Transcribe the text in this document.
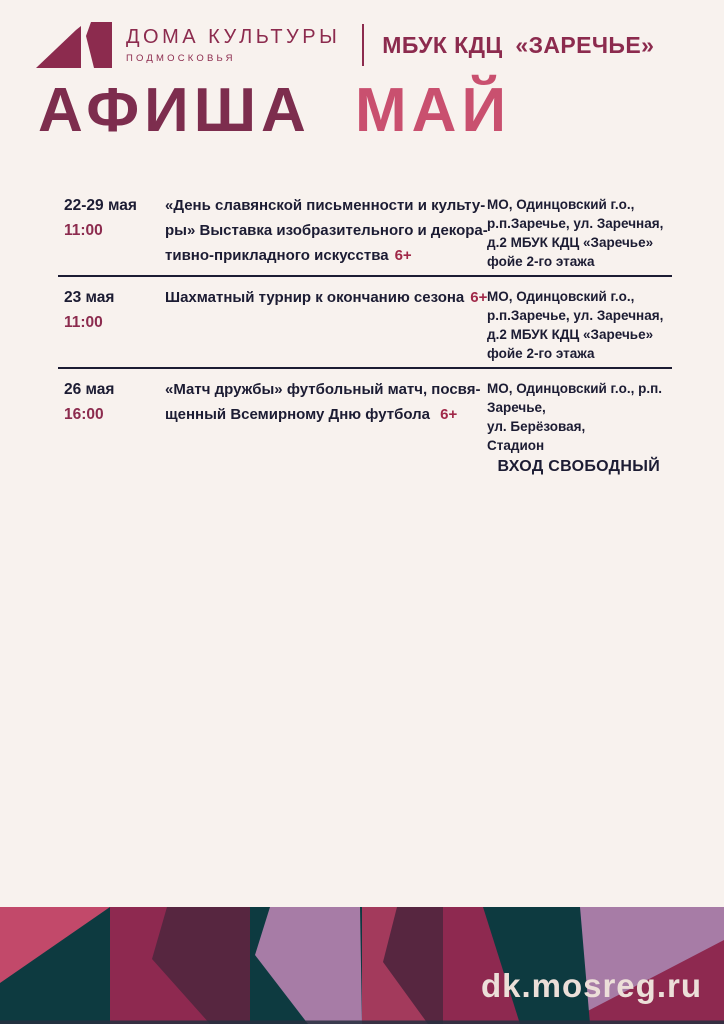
ДОМА КУЛЬТУРЫ
ПОДМОСКОВЬЯ
МБУК КДЦ «ЗАРЕЧЬЕ»
АФИША МАЙ
22-29 мая
11:00
«День славянской письменности и культу-
ры» Выставка изобразительного и декора-
тивно-прикладного искусства 6+
МО, Одинцовский г.о.,
р.п.Заречье, ул. Заречная,
д.2 МБУК КДЦ «Заречье»
фойе 2-го этажа
23 мая
11:00
Шахматный турнир к окончанию сезона 6+ МО, Одинцовский г.о.,
р.п.Заречье, ул. Заречная,
д.2 МБУК КДЦ «Заречье»
фойе 2-го этажа
26 мая
16:00
«Матч дружбы» футбольный матч, посвя-
щенный Всемирному Дню футбола 6+
МО, Одинцовский г.о., р.п.
Заречье,
ул. Берёзовая,
Стадион
ВХОД СВОБОДНЫЙ
dk.mosreg.ru
